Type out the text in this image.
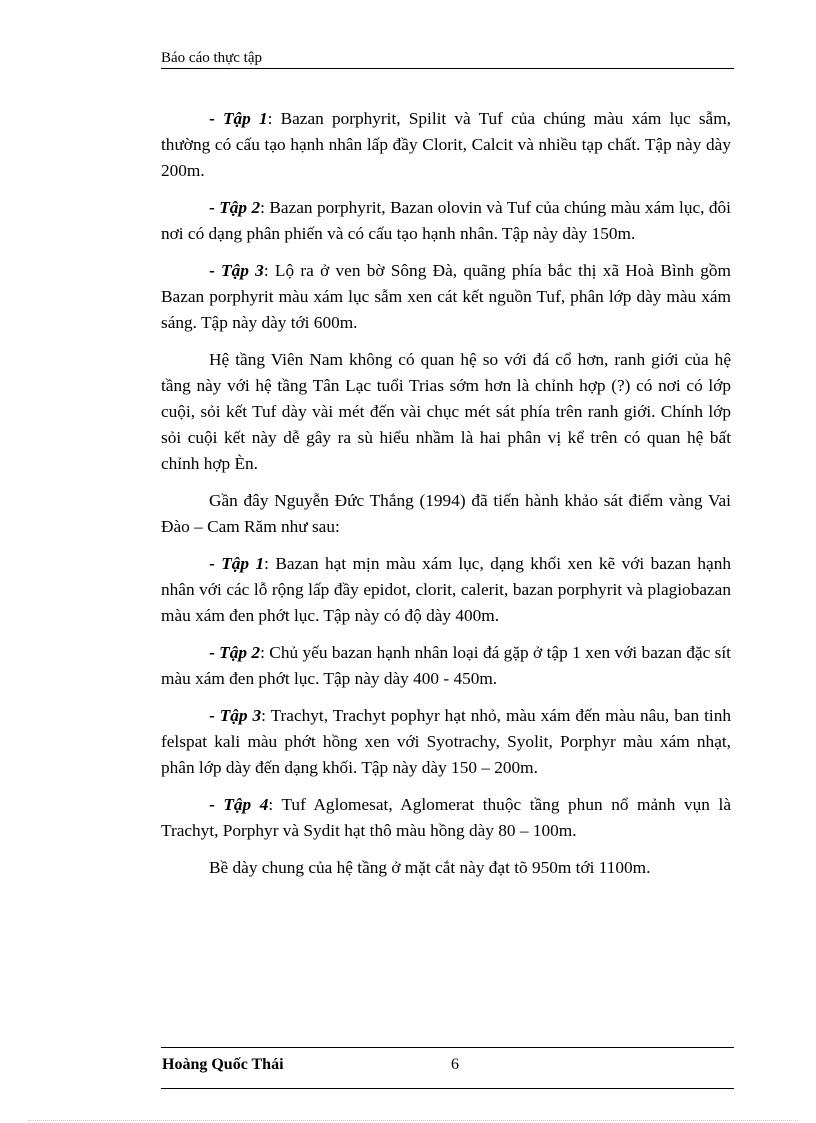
Báo cáo thực tập

- Tập 1: Bazan porphyrit, Spilit và Tuf của chúng màu xám lục sẫm, thường có cấu tạo hạnh nhân lấp đầy Clorit, Calcit và nhiều tạp chất. Tập này dày 200m.

- Tập 2: Bazan porphyrit, Bazan olovin và Tuf của chúng màu xám lục, đôi nơi có dạng phân phiến và có cấu tạo hạnh nhân. Tập này dày 150m.

- Tập 3: Lộ ra ở ven bờ Sông Đà, quãng phía bắc thị xã Hoà Bình gồm Bazan porphyrit màu xám lục sẫm xen cát kết nguồn Tuf, phân lớp dày màu xám sáng. Tập này dày tới 600m.

Hệ tầng Viên Nam không có quan hệ so với đá cổ hơn, ranh giới của hệ tầng này với hệ tầng Tân Lạc tuổi Trias sớm hơn là chỉnh hợp (?) có nơi có lớp cuội, sỏi kết Tuf dày vài mét đến vài chục mét sát phía trên ranh giới. Chính lớp sỏi cuội kết này dễ gây ra sù hiểu nhầm là hai phân vị kể trên có quan hệ bất chỉnh hợp Èn.

Gần đây Nguyễn Đức Thắng (1994) đã tiến hành khảo sát điểm vàng Vai Đào – Cam Răm như sau:

- Tập 1: Bazan hạt mịn màu xám lục, dạng khối xen kẽ với bazan hạnh nhân với các lỗ rộng lấp đầy epidot, clorit, calerit, bazan porphyrit và plagiobazan màu xám đen phớt lục. Tập này có độ dày 400m.

- Tập 2: Chủ yếu bazan hạnh nhân loại đá gặp ở tập 1 xen với bazan đặc sít màu xám đen phớt lục. Tập này dày 400 - 450m.

- Tập 3: Trachyt, Trachyt pophyr hạt nhỏ, màu xám đến màu nâu, ban tinh felspat kali màu phớt hồng xen với Syotrachy, Syolit, Porphyr màu xám nhạt, phân lớp dày đến dạng khối. Tập này dày 150 – 200m.

- Tập 4: Tuf Aglomesat, Aglomerat thuộc tầng phun nổ mảnh vụn là Trachyt, Porphyr và Sydit hạt thô màu hồng dày 80 – 100m.

Bề dày chung của hệ tầng ở mặt cắt này đạt tõ 950m tới 1100m.

Hoàng Quốc Thái	6
